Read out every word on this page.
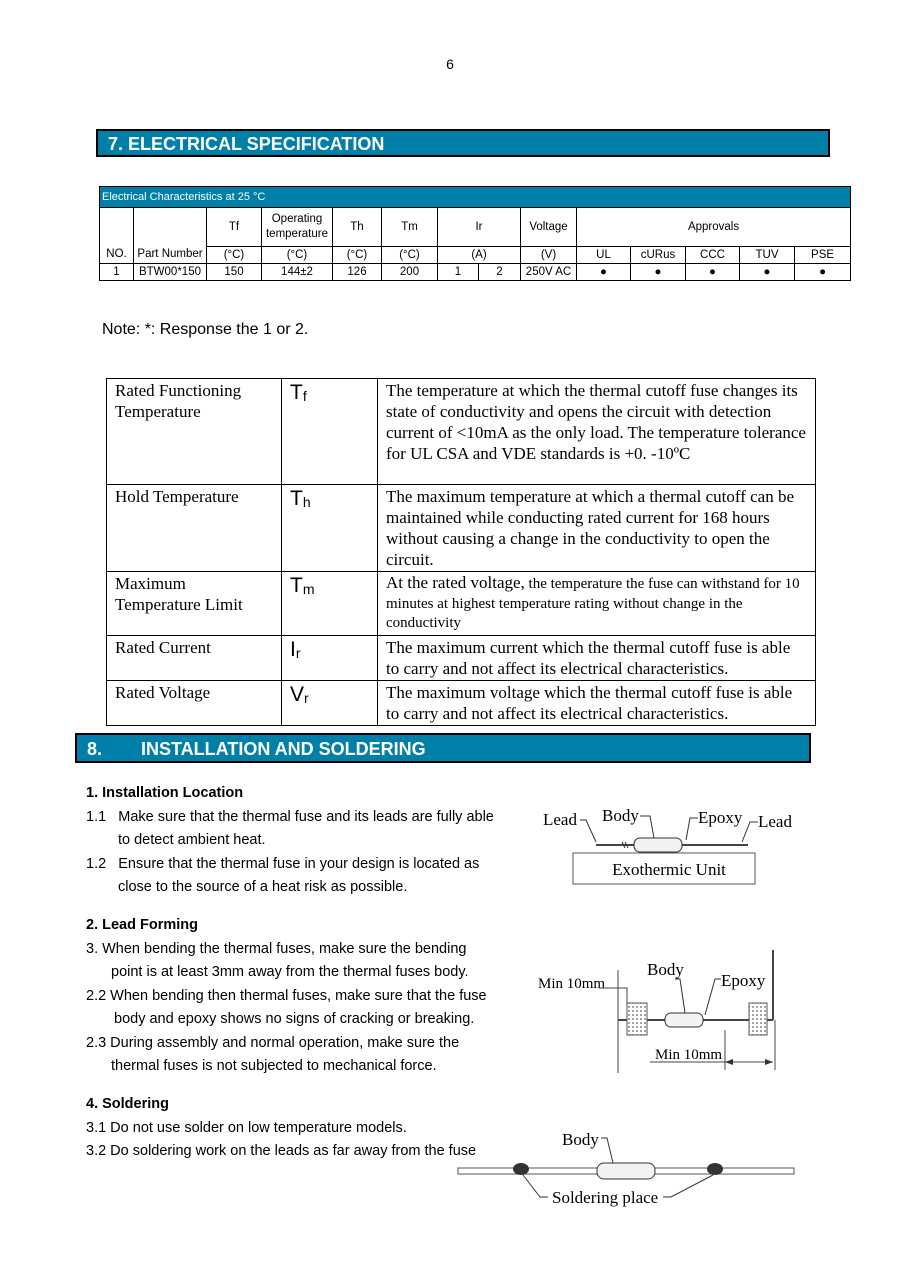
6
7. ELECTRICAL SPECIFICATION
Electrical Characteristics at 25 °C													
NO.	Part Number	Tf	Operating temperature	Th	Tm	Ir		Voltage	Approvals				
		(°C)	(°C)	(°C)	(°C)	(A)		(V)	UL	cURus	CCC	TUV	PSE
1	BTW00*150	150	144±2	126	200	1	2	250V AC	●	●	●	●	●
Note: *: Response the 1 or 2.
Rated Functioning Temperature	$T_f$	The temperature at which the thermal cutoff fuse changes its state of conductivity and opens the circuit with detection current of <10mA as the only load. The temperature tolerance for UL CSA and VDE standards is +0. -10ºC
Hold Temperature	$T_h$	The maximum temperature at which a thermal cutoff can be maintained while conducting rated current for 168 hours without causing a change in the conductivity to open the circuit.
Maximum Temperature Limit	$T_m$	At the rated voltage, the temperature the fuse can withstand for 10 minutes at highest temperature rating without change in the conductivity
Rated Current	$I_r$	The maximum current which the thermal cutoff fuse is able to carry and not affect its electrical characteristics.
Rated Voltage	$V_r$	The maximum voltage which the thermal cutoff fuse is able to carry and not affect its electrical characteristics.
8. INSTALLATION AND SOLDERING
1. Installation Location
1.1 Make sure that the thermal fuse and its leads are fully able
to detect ambient heat.
1.2 Ensure that the thermal fuse in your design is located as
close to the source of a heat risk as possible.
2. Lead Forming
3. When bending the thermal fuses, make sure the bending
point is at least 3mm away from the thermal fuses body.
2.2 When bending then thermal fuses, make sure that the fuse
body and epoxy shows no signs of cracking or breaking.
2.3 During assembly and normal operation, make sure the
thermal fuses is not subjected to mechanical force.
4. Soldering
3.1 Do not use solder on low temperature models.
3.2 Do soldering work on the leads as far away from the fuse
Exothermic Unit
Lead Body	Epoxy Lead
Min 10mm
Body
Epoxy
Min 10mm
Body
Soldering place
